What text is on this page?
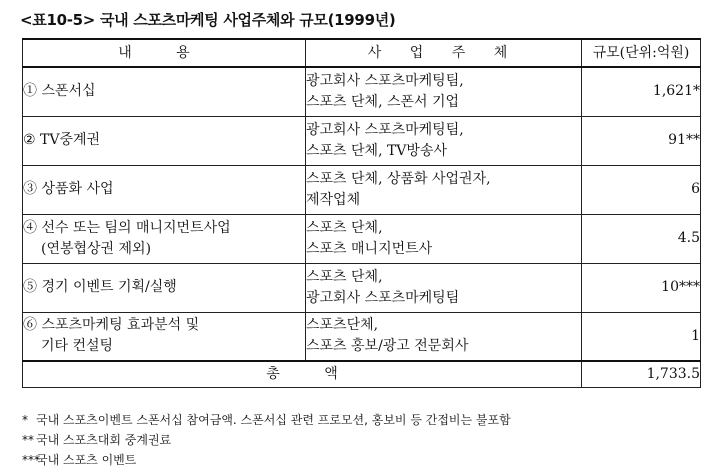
<표10-5> 국내 스포츠마케팅 사업주체와 규모(1999년)
내 용	사 업 주 체	규모(단위:억원)

① 스폰서십	광고회사 스포츠마케팅팀,
스포츠 단체, 스폰서 기업	1,621*

② TV중계권	광고회사 스포츠마케팅팀,
스포츠 단체, TV방송사	91**

③ 상품화 사업	스포츠 단체, 상품화 사업권자,
제작업체	6

④ 선수 또는 팀의 매니지먼트사업
(연봉협상권 제외)	스포츠 단체,
스포츠 매니지먼트사	4.5

⑤ 경기 이벤트 기획/실행	스포츠 단체,
광고회사 스포츠마케팅팀	10***

⑥ 스포츠마케팅 효과분석 및
기타 컨설팅	스포츠단체,
스포츠 홍보/광고 전문회사	1
총          액		1,733.5
* 국내 스포츠이벤트 스폰서십 참여금액. 스폰서십 관련 프로모션, 홍보비 등 간접비는 불포함
** 국내 스포츠대회 중계권료
***국내 스포츠 이벤트
